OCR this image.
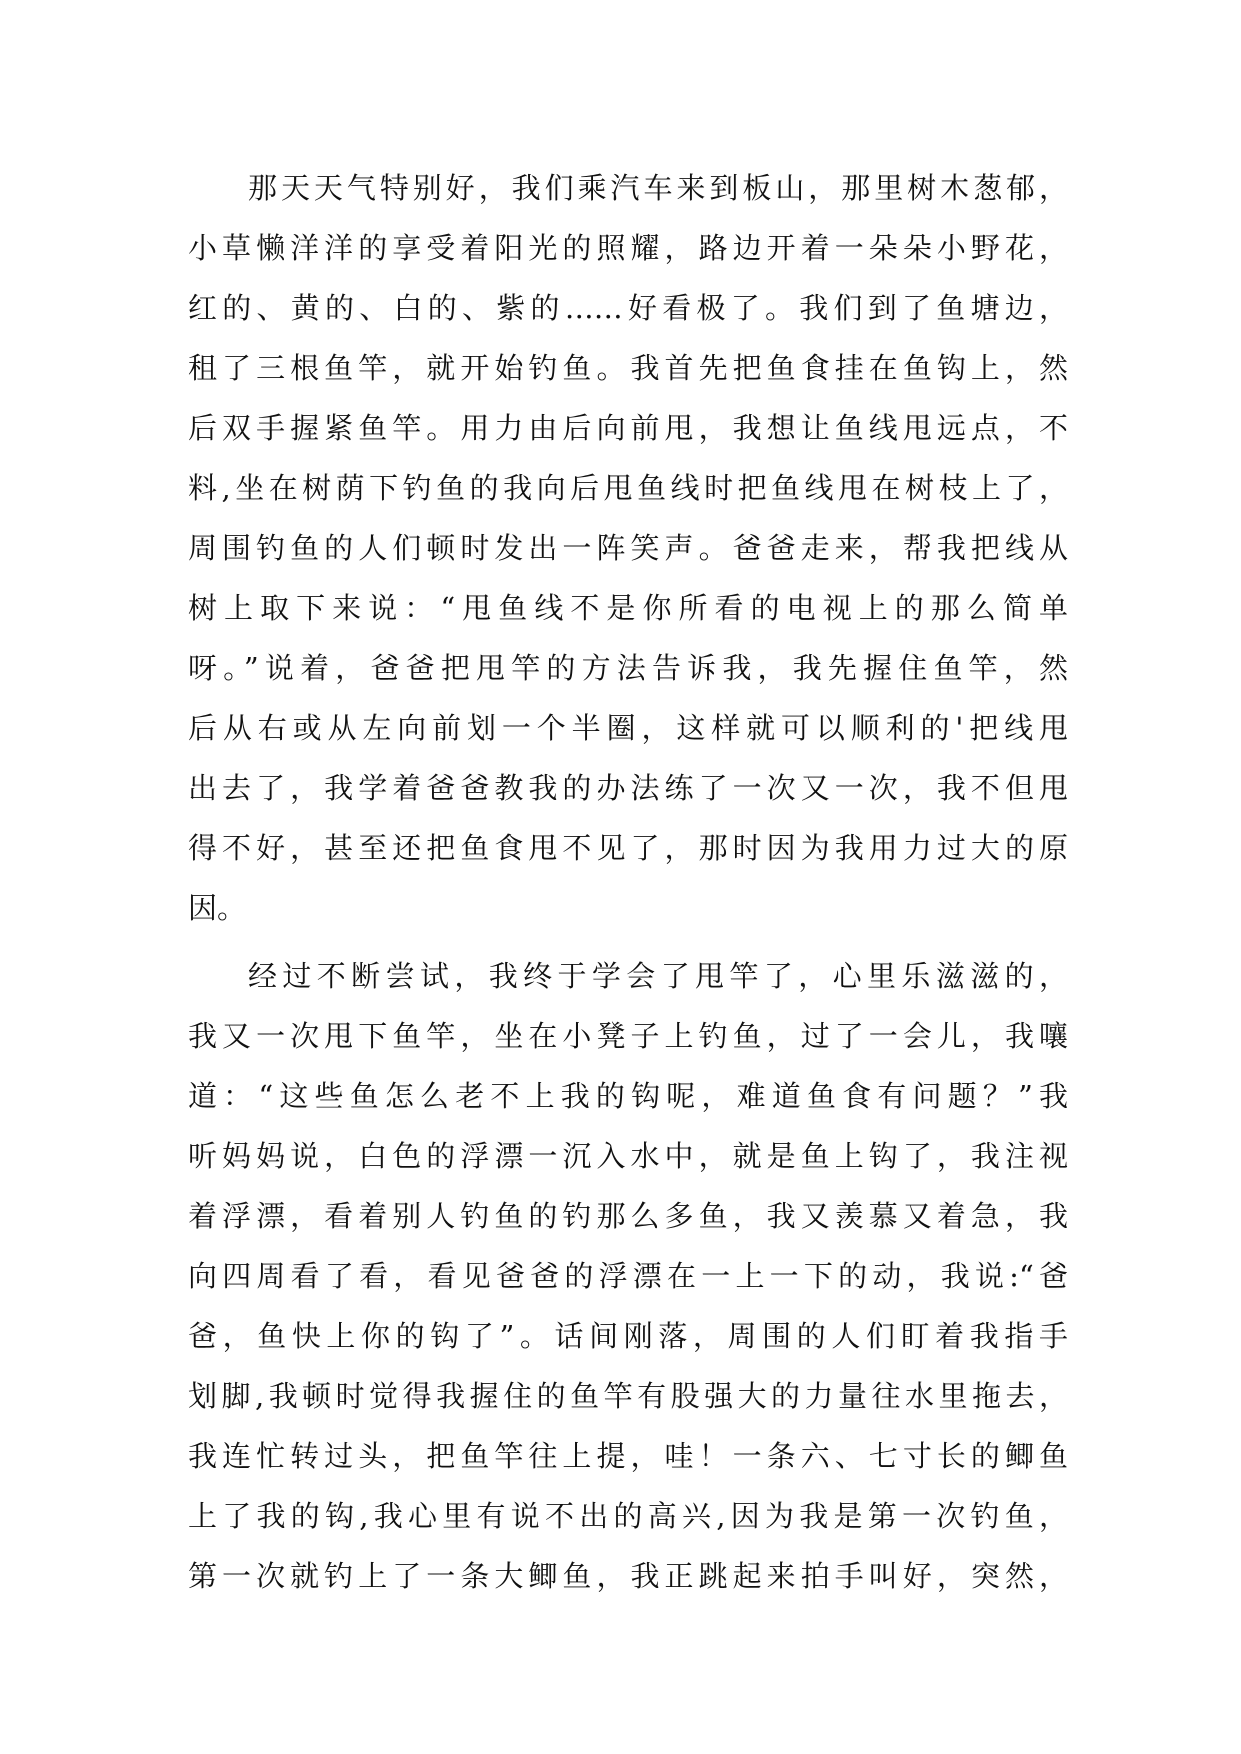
那天天气特别好，我们乘汽车来到板山，那里树木葱郁，
小草懒洋洋的享受着阳光的照耀，路边开着一朵朵小野花，
红的、黄的、白的、紫的……好看极了。我们到了鱼塘边，
租了三根鱼竿，就开始钓鱼。我首先把鱼食挂在鱼钩上，然
后双手握紧鱼竿。用力由后向前甩，我想让鱼线甩远点，不
料,坐在树荫下钓鱼的我向后甩鱼线时把鱼线甩在树枝上了，
周围钓鱼的人们顿时发出一阵笑声。爸爸走来，帮我把线从
树上取下来说：“甩鱼线不是你所看的电视上的那么简单
呀。”说着，爸爸把甩竿的方法告诉我，我先握住鱼竿，然
后从右或从左向前划一个半圈，这样就可以顺利的'把线甩
出去了，我学着爸爸教我的办法练了一次又一次，我不但甩
得不好，甚至还把鱼食甩不见了，那时因为我用力过大的原
因。
经过不断尝试，我终于学会了甩竿了，心里乐滋滋的，
我又一次甩下鱼竿，坐在小凳子上钓鱼，过了一会儿，我嚷
道：“这些鱼怎么老不上我的钩呢，难道鱼食有问题？”我
听妈妈说，白色的浮漂一沉入水中，就是鱼上钩了，我注视
着浮漂，看着别人钓鱼的钓那么多鱼，我又羡慕又着急，我
向四周看了看，看见爸爸的浮漂在一上一下的动，我说:“爸
爸，鱼快上你的钩了”。话间刚落，周围的人们盯着我指手
划脚,我顿时觉得我握住的鱼竿有股强大的力量往水里拖去，
我连忙转过头，把鱼竿往上提，哇！一条六、七寸长的鲫鱼
上了我的钩,我心里有说不出的高兴,因为我是第一次钓鱼，
第一次就钓上了一条大鲫鱼，我正跳起来拍手叫好，突然，
